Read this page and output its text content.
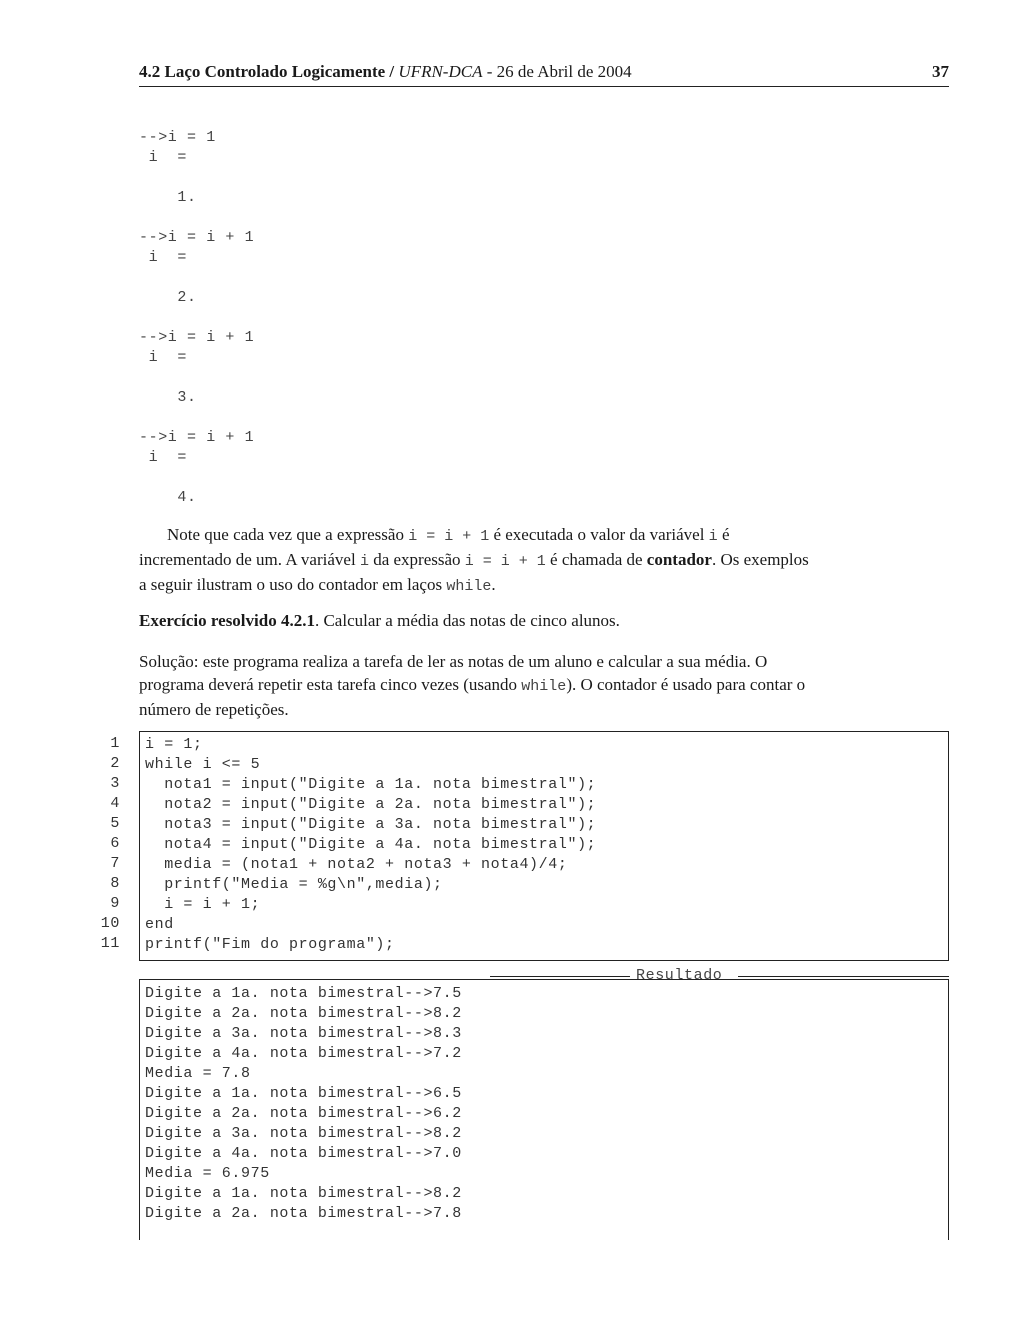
4.2 Laço Controlado Logicamente / UFRN-DCA - 26 de Abril de 2004	37
-->i = 1
i  =

1.

-->i = i + 1
i  =

2.

-->i = i + 1
i  =

3.

-->i = i + 1
i  =

4.

Note que cada vez que a expressão i = i + 1 é executada o valor da variável i é incrementado de um. A variável i da expressão i = i + 1 é chamada de contador. Os exemplos a seguir ilustram o uso do contador em laços while.

Exercício resolvido 4.2.1. Calcular a média das notas de cinco alunos.

Solução: este programa realiza a tarefa de ler as notas de um aluno e calcular a sua média. O programa deverá repetir esta tarefa cinco vezes (usando while). O contador é usado para contar o número de repetições.

1
2
3
4
5
6
7
8
9
10
11
i = 1;
while i <= 5
nota1 = input("Digite a 1a. nota bimestral");
nota2 = input("Digite a 2a. nota bimestral");
nota3 = input("Digite a 3a. nota bimestral");
nota4 = input("Digite a 4a. nota bimestral");
media = (nota1 + nota2 + nota3 + nota4)/4;
printf("Media = %g\n",media);
i = i + 1;
end
printf("Fim do programa");
Resultado
Digite a 1a. nota bimestral-->7.5
Digite a 2a. nota bimestral-->8.2
Digite a 3a. nota bimestral-->8.3
Digite a 4a. nota bimestral-->7.2
Media = 7.8
Digite a 1a. nota bimestral-->6.5
Digite a 2a. nota bimestral-->6.2
Digite a 3a. nota bimestral-->8.2
Digite a 4a. nota bimestral-->7.0
Media = 6.975
Digite a 1a. nota bimestral-->8.2
Digite a 2a. nota bimestral-->7.8
